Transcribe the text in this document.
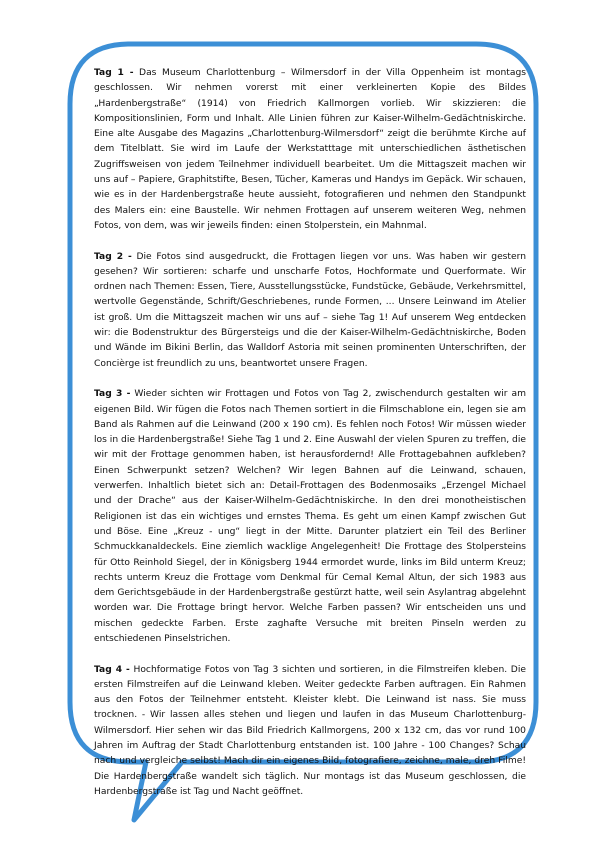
Tag 1 - Das Museum Charlottenburg – Wilmersdorf in der Villa Oppenheim ist montags geschlossen. Wir nehmen vorerst mit einer verkleinerten Kopie des Bildes „Hardenbergstraße“ (1914) von Friedrich Kallmorgen vorlieb. Wir skizzieren: die Kompositionslinien, Form und Inhalt. Alle Linien führen zur Kaiser-Wilhelm-Gedächtniskirche. Eine alte Ausgabe des Magazins „Charlottenburg-Wilmersdorf“ zeigt die berühmte Kirche auf dem Titelblatt. Sie wird im Laufe der Werkstatttage mit unterschiedlichen ästhetischen Zugriffsweisen von jedem Teilnehmer individuell bearbeitet. Um die Mittagszeit machen wir uns auf – Papiere, Graphitstifte, Besen, Tücher, Kameras und Handys im Gepäck. Wir schauen, wie es in der Hardenbergstraße heute aussieht, fotografieren und nehmen den Standpunkt des Malers ein: eine Baustelle. Wir nehmen Frottagen auf unserem weiteren Weg, nehmen Fotos, von dem, was wir jeweils finden: einen Stolperstein, ein Mahnmal.

Tag 2 - Die Fotos sind ausgedruckt, die Frottagen liegen vor uns. Was haben wir gestern gesehen? Wir sortieren: scharfe und unscharfe Fotos, Hochformate und Querformate. Wir ordnen nach Themen: Essen, Tiere, Ausstellungsstücke, Fundstücke, Gebäude, Verkehrsmittel, wertvolle Gegenstände, Schrift/Geschriebenes, runde Formen, ... Unsere Leinwand im Atelier ist groß. Um die Mittagszeit machen wir uns auf – siehe Tag 1! Auf unserem Weg entdecken wir: die Bodenstruktur des Bürgersteigs und die der Kaiser-Wilhelm-Gedächtniskirche, Boden und Wände im Bikini Berlin, das Walldorf Astoria mit seinen prominenten Unterschriften, der Concièrge ist freundlich zu uns, beantwortet unsere Fragen.

Tag 3 - Wieder sichten wir Frottagen und Fotos von Tag 2, zwischendurch gestalten wir am eigenen Bild. Wir fügen die Fotos nach Themen sortiert in die Filmschablone ein, legen sie am Band als Rahmen auf die Leinwand (200 x 190 cm). Es fehlen noch Fotos! Wir müssen wieder los in die Hardenbergstraße! Siehe Tag 1 und 2. Eine Auswahl der vielen Spuren zu treffen, die wir mit der Frottage genommen haben, ist herausfordernd! Alle Frottagebahnen aufkleben? Einen Schwerpunkt setzen? Welchen? Wir legen Bahnen auf die Leinwand, schauen, verwerfen. Inhaltlich bietet sich an: Detail-Frottagen des Bodenmosaiks „Erzengel Michael und der Drache“ aus der Kaiser-Wilhelm-Gedächtniskirche. In den drei monotheistischen Religionen ist das ein wichtiges und ernstes Thema. Es geht um einen Kampf zwischen Gut und Böse. Eine „Kreuz - ung“ liegt in der Mitte. Darunter platziert ein Teil des Berliner Schmuckkanaldeckels. Eine ziemlich wacklige Angelegenheit! Die Frottage des Stolpersteins für Otto Reinhold Siegel, der in Königsberg 1944 ermordet wurde, links im Bild unterm Kreuz; rechts unterm Kreuz die Frottage vom Denkmal für Cemal Kemal Altun, der sich 1983 aus dem Gerichtsgebäude in der Hardenbergstraße gestürzt hatte, weil sein Asylantrag abgelehnt worden war. Die Frottage bringt hervor. Welche Farben passen? Wir entscheiden uns und mischen gedeckte Farben. Erste zaghafte Versuche mit breiten Pinseln werden zu entschiedenen Pinselstrichen.

Tag 4 - Hochformatige Fotos von Tag 3 sichten und sortieren, in die Filmstreifen kleben. Die ersten Filmstreifen auf die Leinwand kleben. Weiter gedeckte Farben auftragen. Ein Rahmen aus den Fotos der Teilnehmer entsteht. Kleister klebt. Die Leinwand ist nass. Sie muss trocknen. - Wir lassen alles stehen und liegen und laufen in das Museum Charlottenburg-Wilmersdorf. Hier sehen wir das Bild Friedrich Kallmorgens, 200 x 132 cm, das vor rund 100 Jahren im Auftrag der Stadt Charlottenburg entstanden ist. 100 Jahre - 100 Changes? Schau nach und vergleiche selbst! Mach dir ein eigenes Bild, fotografiere, zeichne, male, dreh Filme! Die Hardenbergstraße wandelt sich täglich. Nur montags ist das Museum geschlossen, die Hardenbergstraße ist Tag und Nacht geöffnet.
